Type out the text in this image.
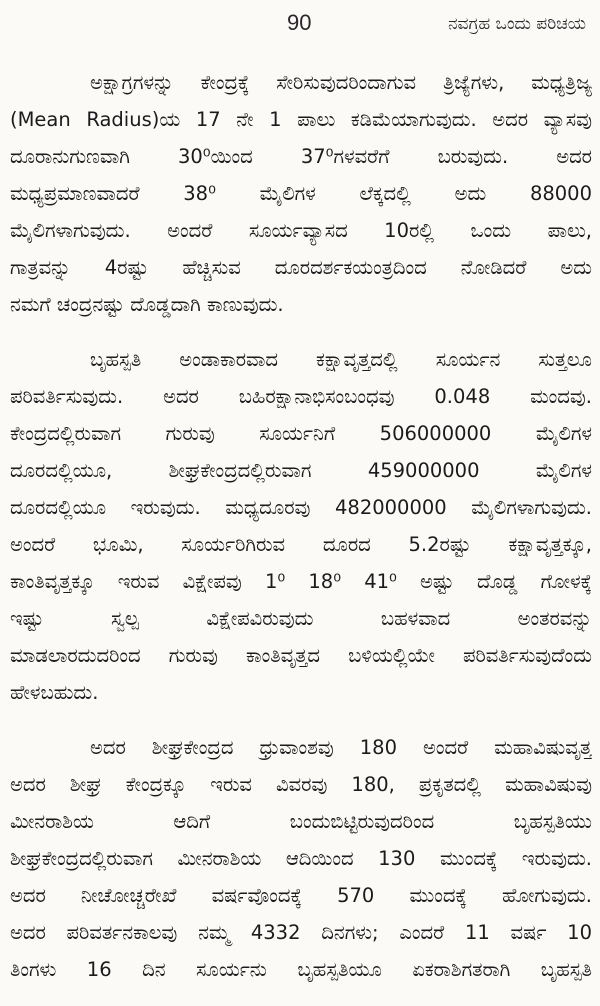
90	ನವಗ್ರಹ ಒಂದು ಪರಿಚಯ

ಅಕ್ಷಾಗ್ರಗಳನ್ನು ಕೇಂದ್ರಕ್ಕೆ ಸೇರಿಸುವುದರಿಂದಾಗುವ ತ್ರಿಜ್ಯೆಗಳು, ಮಧ್ಯತ್ರಿಜ್ಯ
(Mean Radius)ಯ 17 ನೇ 1 ಪಾಲು ಕಡಿಮೆಯಾಗುವುದು. ಅದರ ವ್ಯಾಸವು
ದೂರಾನುಗುಣವಾಗಿ 30⁰ಯಿಂದ 37⁰ಗಳವರೆಗೆ ಬರುವುದು. ಅದರ
ಮಧ್ಯಪ್ರಮಾಣವಾದರೆ 38⁰ ಮೈಲಿಗಳ ಲೆಕ್ಕದಲ್ಲಿ ಅದು 88000
ಮೈಲಿಗಳಾಗುವುದು. ಅಂದರೆ ಸೂರ್ಯವ್ಯಾಸದ 10ರಲ್ಲಿ ಒಂದು ಪಾಲು,
ಗಾತ್ರವನ್ನು 4ರಷ್ಟು ಹೆಚ್ಚಿಸುವ ದೂರದರ್ಶಕಯಂತ್ರದಿಂದ ನೋಡಿದರೆ ಅದು
ನಮಗೆ ಚಂದ್ರನಷ್ಟು ದೊಡ್ಡದಾಗಿ ಕಾಣುವುದು.

ಬೃಹಸ್ಪತಿ ಅಂಡಾಕಾರವಾದ ಕಕ್ಷಾವೃತ್ತದಲ್ಲಿ ಸೂರ್ಯನ ಸುತ್ತಲೂ
ಪರಿವರ್ತಿಸುವುದು. ಅದರ ಬಹಿರಕ್ಷಾನಾಭಿಸಂಬಂಧವು 0.048 ಮಂದವು.
ಕೇಂದ್ರದಲ್ಲಿರುವಾಗ ಗುರುವು ಸೂರ್ಯನಿಗೆ 506000000 ಮೈಲಿಗಳ
ದೂರದಲ್ಲಿಯೂ, ಶೀಘ್ರಕೇಂದ್ರದಲ್ಲಿರುವಾಗ 459000000 ಮೈಲಿಗಳ
ದೂರದಲ್ಲಿಯೂ ಇರುವುದು. ಮಧ್ಯದೂರವು 482000000 ಮೈಲಿಗಳಾಗುವುದು.
ಅಂದರೆ ಭೂಮಿ, ಸೂರ್ಯರಿಗಿರುವ ದೂರದ 5.2ರಷ್ಟು ಕಕ್ಷಾವೃತ್ತಕ್ಕೂ,
ಕಾಂತಿವೃತ್ತಕ್ಕೂ ಇರುವ ವಿಕ್ಷೇಪವು 1⁰ 18⁰ 41⁰ ಅಷ್ಟು ದೊಡ್ಡ ಗೋಳಕ್ಕೆ
ಇಷ್ಟು ಸ್ವಲ್ಪ ವಿಕ್ಷೇಪವಿರುವುದು ಬಹಳವಾದ ಅಂತರವನ್ನು
ಮಾಡಲಾರದುದರಿಂದ ಗುರುವು ಕಾಂತಿವೃತ್ತದ ಬಳಿಯಲ್ಲಿಯೇ ಪರಿವರ್ತಿಸುವುದೆಂದು
ಹೇಳಬಹುದು.

ಅದರ ಶೀಘ್ರಕೇಂದ್ರದ ಧ್ರುವಾಂಶವು 180 ಅಂದರೆ ಮಹಾವಿಷುವೃತ್ತ
ಅದರ ಶೀಘ್ರ ಕೇಂದ್ರಕ್ಕೂ ಇರುವ ವಿವರವು 180, ಪ್ರಕೃತದಲ್ಲಿ ಮಹಾವಿಷುವು
ಮೀನರಾಶಿಯ ಆದಿಗೆ ಬಂದುಬಿಟ್ಟಿರುವುದರಿಂದ ಬೃಹಸ್ಪತಿಯು
ಶೀಘ್ರಕೇಂದ್ರದಲ್ಲಿರುವಾಗ ಮೀನರಾಶಿಯ ಆದಿಯಿಂದ 130 ಮುಂದಕ್ಕೆ ಇರುವುದು.
ಅದರ ನೀಚೋಚ್ಚರೇಖೆ ವರ್ಷವೊಂದಕ್ಕೆ 570 ಮುಂದಕ್ಕೆ ಹೋಗುವುದು.
ಅದರ ಪರಿವರ್ತನಕಾಲವು ನಮ್ಮ 4332 ದಿನಗಳು; ಎಂದರೆ 11 ವರ್ಷ 10
ತಿಂಗಳು 16 ದಿನ ಸೂರ್ಯನು ಬೃಹಸ್ಪತಿಯೂ ಏಕರಾಶಿಗತರಾಗಿ ಬೃಹಸ್ಪತಿ
